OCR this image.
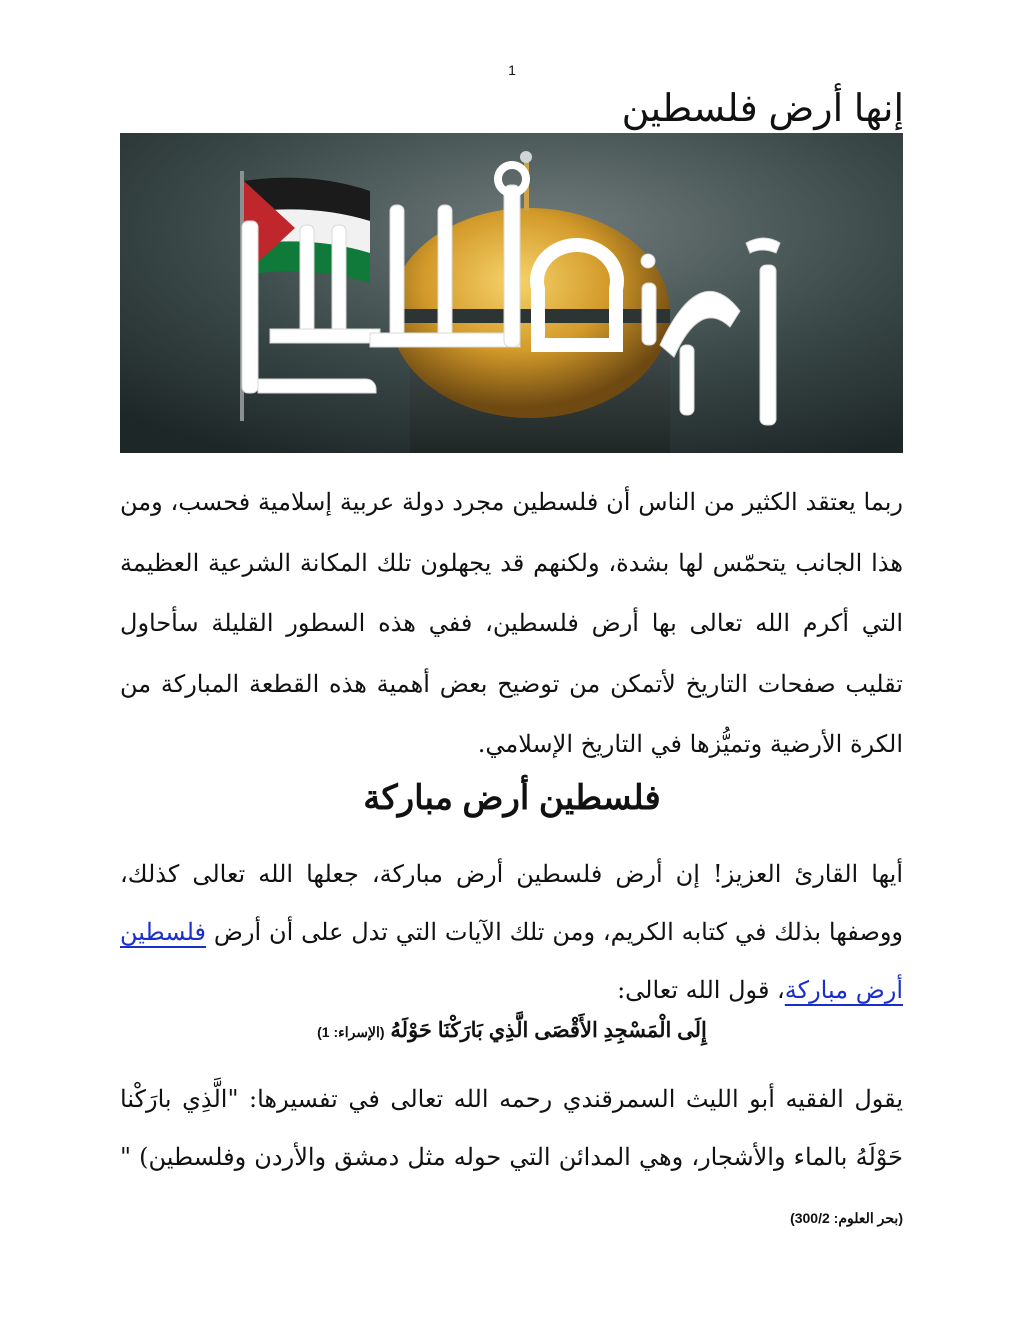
1
إنها أرض فلسطين

ربما يعتقد الكثير من الناس أن فلسطين مجرد دولة عربية إسلامية فحسب، ومن هذا الجانب يتحمّس لها بشدة، ولكنهم قد يجهلون تلك المكانة الشرعية العظيمة التي أكرم الله تعالى بها أرض فلسطين، ففي هذه السطور القليلة سأحاول تقليب صفحات التاريخ لأتمكن من توضيح بعض أهمية هذه القطعة المباركة من الكرة الأرضية وتميُّزها في التاريخ الإسلامي.

فلسطين أرض مباركة

أيها القارئ العزيز! إن أرض فلسطين أرض مباركة، جعلها الله تعالى كذلك، ووصفها بذلك في كتابه الكريم، ومن تلك الآيات التي تدل على أن أرض فلسطين أرض مباركة، قول الله تعالى:

إِلَى الْمَسْجِدِ الأَقْصَى الَّذِي بَارَكْنَا حَوْلَهُ (الإسراء: 1)

يقول الفقيه أبو الليث السمرقندي رحمه الله تعالى في تفسيرها: "الَّذِي بارَكْنا حَوْلَهُ بالماء والأشجار، وهي المدائن التي حوله مثل دمشق والأردن وفلسطين) "(بحر العلوم: 300/2)
